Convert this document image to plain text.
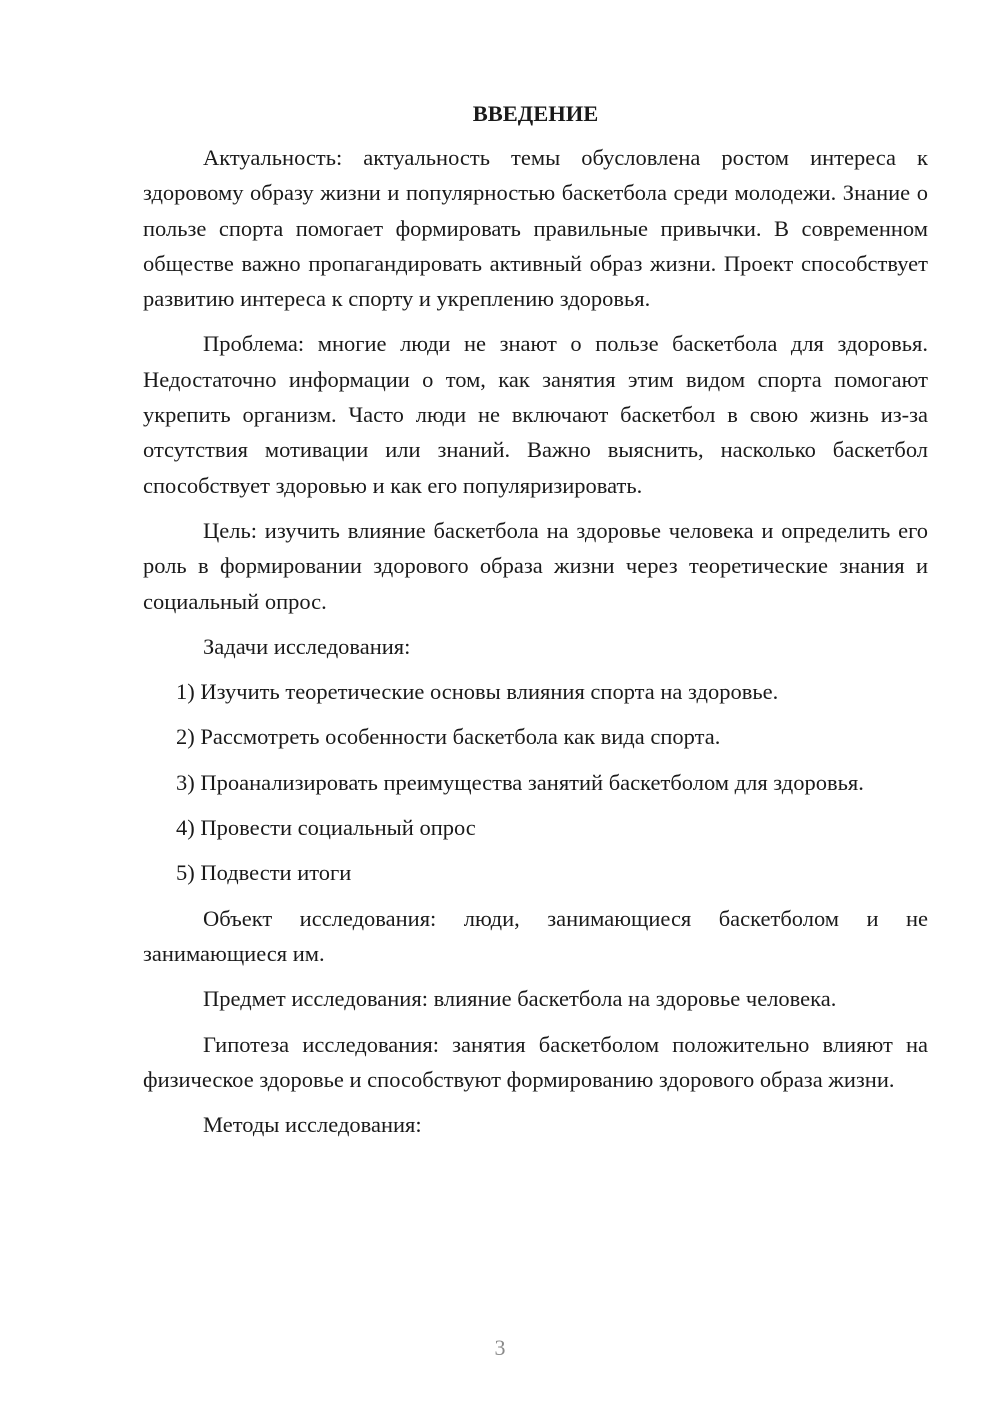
ВВЕДЕНИЕ

Актуальность: актуальность темы обусловлена ростом интереса к здоровому образу жизни и популярностью баскетбола среди молодежи. Знание о пользе спорта помогает формировать правильные привычки. В современном обществе важно пропагандировать активный образ жизни. Проект способствует развитию интереса к спорту и укреплению здоровья.

Проблема: многие люди не знают о пользе баскетбола для здоровья. Недостаточно информации о том, как занятия этим видом спорта помогают укрепить организм. Часто люди не включают баскетбол в свою жизнь из-за отсутствия мотивации или знаний. Важно выяснить, насколько баскетбол способствует здоровью и как его популяризировать.

Цель: изучить влияние баскетбола на здоровье человека и определить его роль в формировании здорового образа жизни через теоретические знания и социальный опрос.

Задачи исследования:

1) Изучить теоретические основы влияния спорта на здоровье.

2) Рассмотреть особенности баскетбола как вида спорта.

3) Проанализировать преимущества занятий баскетболом для здоровья.

4) Провести социальный опрос

5) Подвести итоги

Объект исследования: люди, занимающиеся баскетболом и не занимающиеся им.

Предмет исследования: влияние баскетбола на здоровье человека.

Гипотеза исследования: занятия баскетболом положительно влияют на физическое здоровье и способствуют формированию здорового образа жизни.

Методы исследования:

3
